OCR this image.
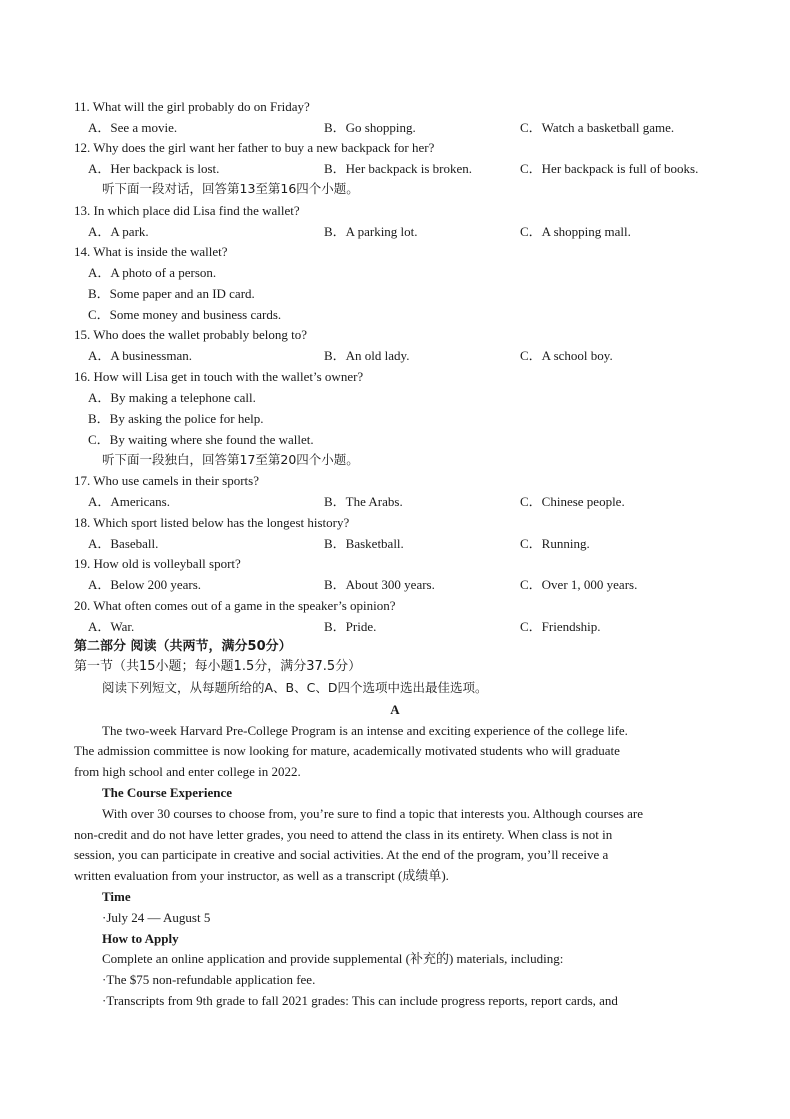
11. What will the girl probably do on Friday?
A．See a movie.	B．Go shopping.	C．Watch a basketball game.
12. Why does the girl want her father to buy a new backpack for her?
A．Her backpack is lost.	B．Her backpack is broken.	C．Her backpack is full of books.
听下面一段对话，回答第13至第16四个小题。
13. In which place did Lisa find the wallet?
A．A park.	B．A parking lot.	C．A shopping mall.
14. What is inside the wallet?
A．A photo of a person.
B．Some paper and an ID card.
C．Some money and business cards.
15. Who does the wallet probably belong to?
A．A businessman.	B．An old lady.	C．A school boy.
16. How will Lisa get in touch with the wallet’s owner?
A．By making a telephone call.
B．By asking the police for help.
C．By waiting where she found the wallet.
听下面一段独白，回答第17至第20四个小题。
17. Who use camels in their sports?
A．Americans.	B．The Arabs.	C．Chinese people.
18. Which sport listed below has the longest history?
A．Baseball.	B．Basketball.	C．Running.
19. How old is volleyball sport?
A．Below 200 years.	B．About 300 years.	C．Over 1, 000 years.
20. What often comes out of a game in the speaker’s opinion?
A．War.	B．Pride.	C．Friendship.
第二部分 阅读（共两节，满分50分）
第一节（共15小题；每小题1.5分，满分37.5分）
阅读下列短文，从每题所给的A、B、C、D四个选项中选出最佳选项。
A
The two-week Harvard Pre-College Program is an intense and exciting experience of the college life.
The admission committee is now looking for mature, academically motivated students who will graduate
from high school and enter college in 2022.
The Course Experience
With over 30 courses to choose from, you’re sure to find a topic that interests you. Although courses are
non-credit and do not have letter grades, you need to attend the class in its entirety. When class is not in
session, you can participate in creative and social activities. At the end of the program, you’ll receive a
written evaluation from your instructor, as well as a transcript (成绩单).
Time
·July 24 — August 5
How to Apply
Complete an online application and provide supplemental (补充的) materials, including:
·The $75 non-refundable application fee.
·Transcripts from 9th grade to fall 2021 grades: This can include progress reports, report cards, and
